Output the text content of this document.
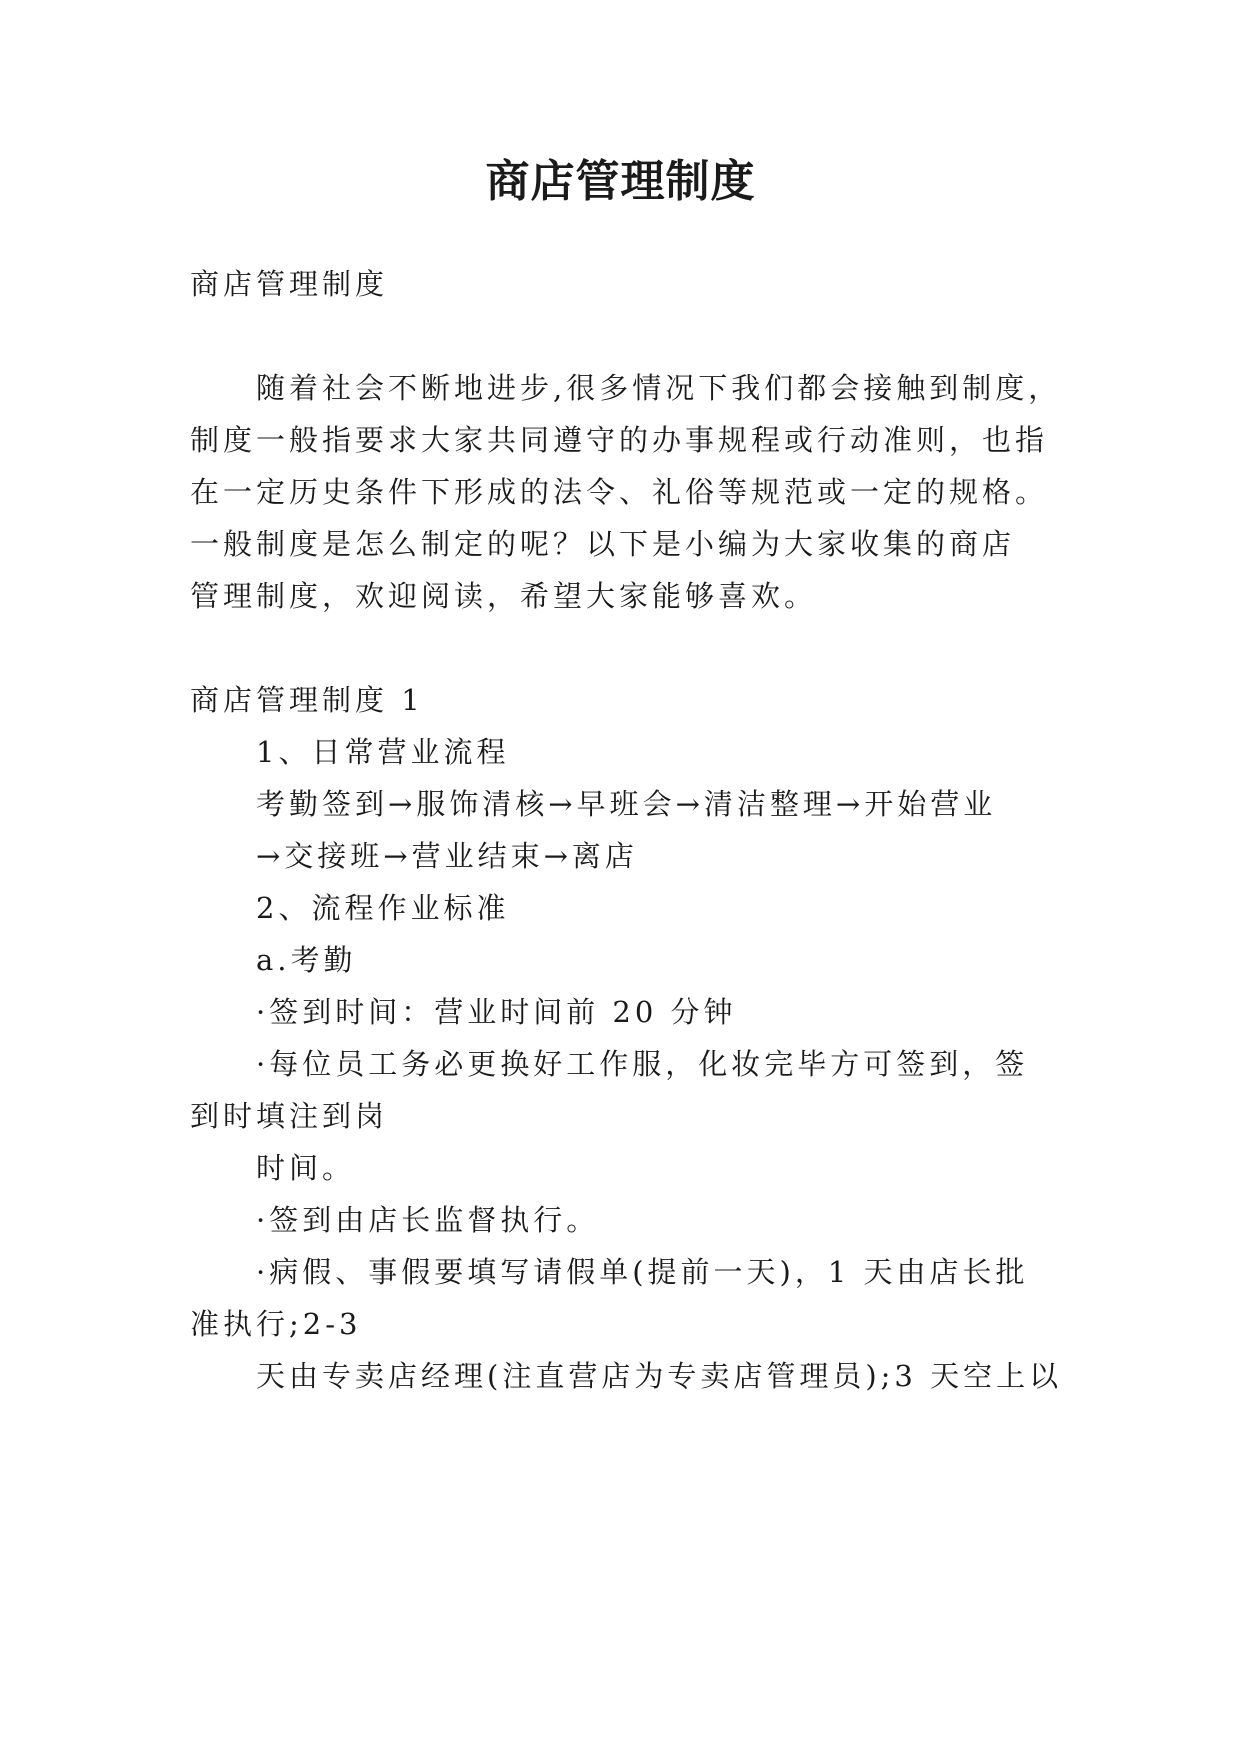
商店管理制度
商店管理制度
随着社会不断地进步,很多情况下我们都会接触到制度，
制度一般指要求大家共同遵守的办事规程或行动准则，也指
在一定历史条件下形成的法令、礼俗等规范或一定的规格。
一般制度是怎么制定的呢？以下是小编为大家收集的商店
管理制度，欢迎阅读，希望大家能够喜欢。
商店管理制度 1
1、日常营业流程
考勤签到→服饰清核→早班会→清洁整理→开始营业
→交接班→营业结束→离店
2、流程作业标准
a.考勤
·签到时间：营业时间前 20 分钟
·每位员工务必更换好工作服，化妆完毕方可签到，签
到时填注到岗
时间。
·签到由店长监督执行。
·病假、事假要填写请假单(提前一天)，1 天由店长批
准执行;2-3
天由专卖店经理(注直营店为专卖店管理员);3 天空上以
